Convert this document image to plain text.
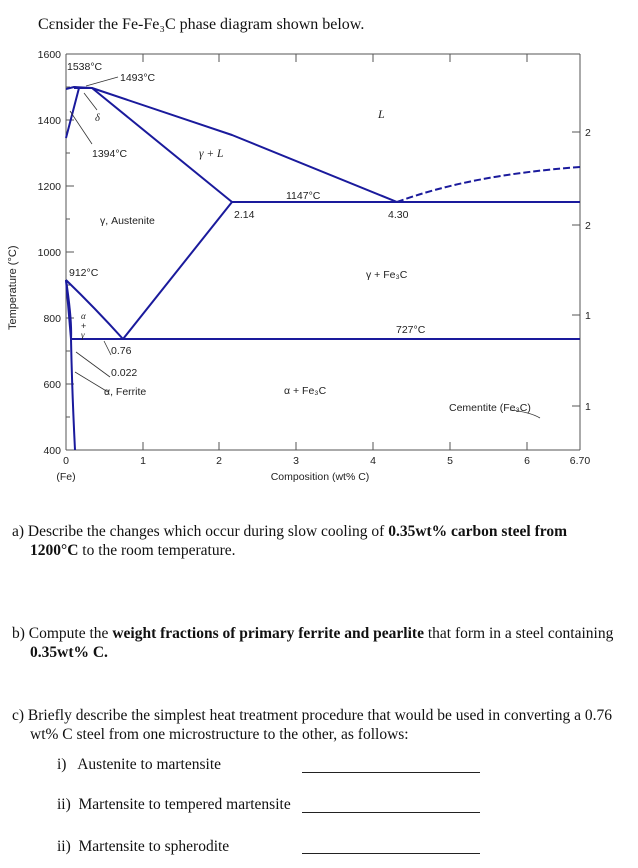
Cɛnsider the Fe-Fe₃C phase diagram shown below.
Temperature (°C)
1600
1400
1200
1000
800
600
400
0	1	2	3	4	5	6	6.70
(Fe)	Composition (wt% C)
2
2
1
1
1538°C
1493°C
δ
1394°C	γ + L
L
1147°C
2.14	4.30
γ, Austenite
912°C	γ + Fe₃C
727°C
α
+
γ
0.76
0.022
α, Ferrite	α + Fe₃C
Cementite (Fe₃C)
a) Describe the changes which occur during slow cooling of 0.35wt% carbon steel from
1200°C to the room temperature.
b) Compute the weight fractions of primary ferrite and pearlite that form in a steel containing
0.35wt% C.
c) Briefly describe the simplest heat treatment procedure that would be used in converting a 0.76
wt% C steel from one microstructure to the other, as follows:
i)   Austenite to martensite
ii)  Martensite to tempered martensite
ii)  Martensite to spherodite
